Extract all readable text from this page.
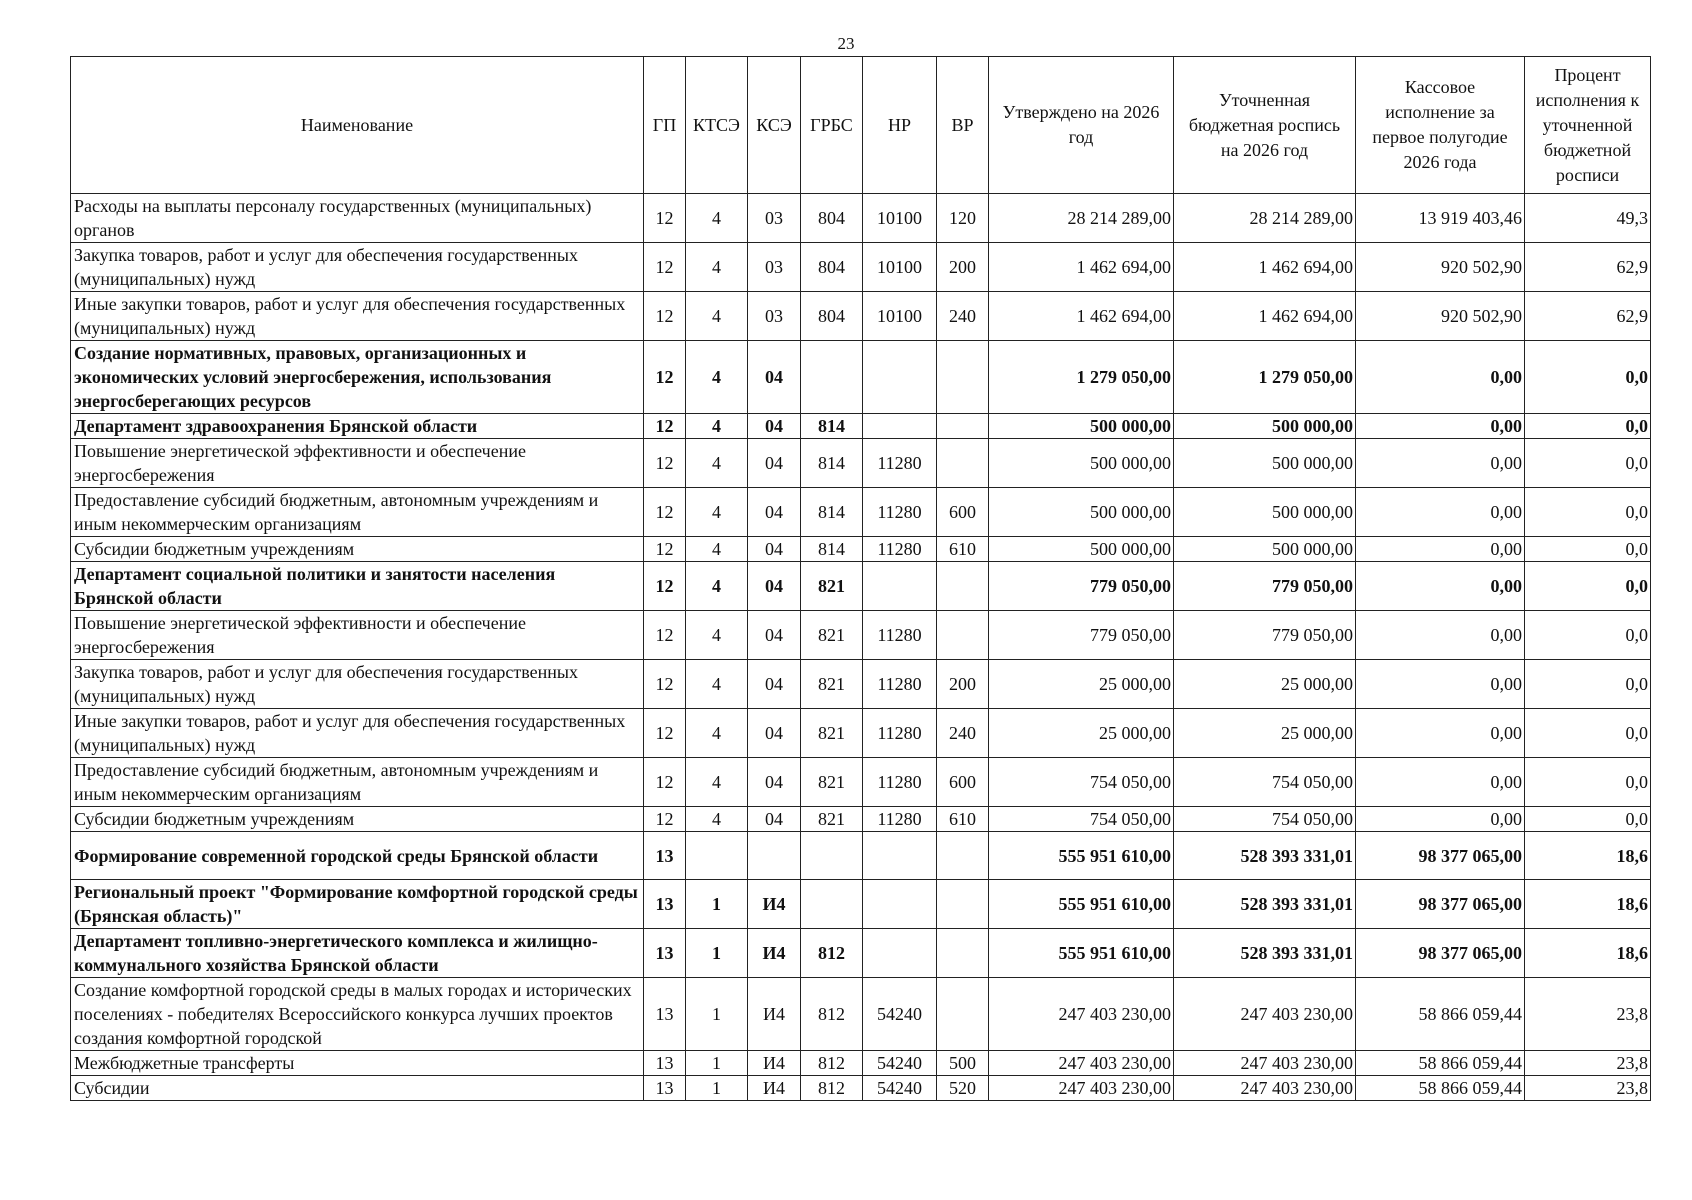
23
Наименование	ГП	КТСЭ	КСЭ	ГРБС	НР	ВР	Утверждено на 2026 год	Уточненная бюджетная роспись на 2026 год	Кассовое исполнение за первое полугодие 2026 года	Процент исполнения к уточненной бюджетной росписи
Расходы на выплаты персоналу государственных (муниципальных) органов	12	4	03	804	10100	120	28 214 289,00	28 214 289,00	13 919 403,46	49,3
Закупка товаров, работ и услуг для обеспечения государственных (муниципальных) нужд	12	4	03	804	10100	200	1 462 694,00	1 462 694,00	920 502,90	62,9
Иные закупки товаров, работ и услуг для обеспечения государственных (муниципальных) нужд	12	4	03	804	10100	240	1 462 694,00	1 462 694,00	920 502,90	62,9
Создание нормативных, правовых, организационных и экономических условий энергосбережения, использования энергосберегающих ресурсов	12	4	04				1 279 050,00	1 279 050,00	0,00	0,0
Департамент здравоохранения Брянской области	12	4	04	814			500 000,00	500 000,00	0,00	0,0
Повышение энергетической эффективности и обеспечение энергосбережения	12	4	04	814	11280		500 000,00	500 000,00	0,00	0,0
Предоставление субсидий бюджетным, автономным учреждениям и иным некоммерческим организациям	12	4	04	814	11280	600	500 000,00	500 000,00	0,00	0,0
Субсидии бюджетным учреждениям	12	4	04	814	11280	610	500 000,00	500 000,00	0,00	0,0
Департамент социальной политики и занятости населения Брянской области	12	4	04	821			779 050,00	779 050,00	0,00	0,0
Повышение энергетической эффективности и обеспечение энергосбережения	12	4	04	821	11280		779 050,00	779 050,00	0,00	0,0
Закупка товаров, работ и услуг для обеспечения государственных (муниципальных) нужд	12	4	04	821	11280	200	25 000,00	25 000,00	0,00	0,0
Иные закупки товаров, работ и услуг для обеспечения государственных (муниципальных) нужд	12	4	04	821	11280	240	25 000,00	25 000,00	0,00	0,0
Предоставление субсидий бюджетным, автономным учреждениям и иным некоммерческим организациям	12	4	04	821	11280	600	754 050,00	754 050,00	0,00	0,0
Субсидии бюджетным учреждениям	12	4	04	821	11280	610	754 050,00	754 050,00	0,00	0,0
Формирование современной городской среды Брянской области	13						555 951 610,00	528 393 331,01	98 377 065,00	18,6
Региональный проект "Формирование комфортной городской среды (Брянская область)"	13	1	И4				555 951 610,00	528 393 331,01	98 377 065,00	18,6
Департамент топливно-энергетического комплекса и жилищно-коммунального хозяйства Брянской области	13	1	И4	812			555 951 610,00	528 393 331,01	98 377 065,00	18,6
Создание комфортной городской среды в малых городах и исторических поселениях - победителях Всероссийского конкурса лучших проектов создания комфортной городской	13	1	И4	812	54240		247 403 230,00	247 403 230,00	58 866 059,44	23,8
Межбюджетные трансферты	13	1	И4	812	54240	500	247 403 230,00	247 403 230,00	58 866 059,44	23,8
Субсидии	13	1	И4	812	54240	520	247 403 230,00	247 403 230,00	58 866 059,44	23,8
